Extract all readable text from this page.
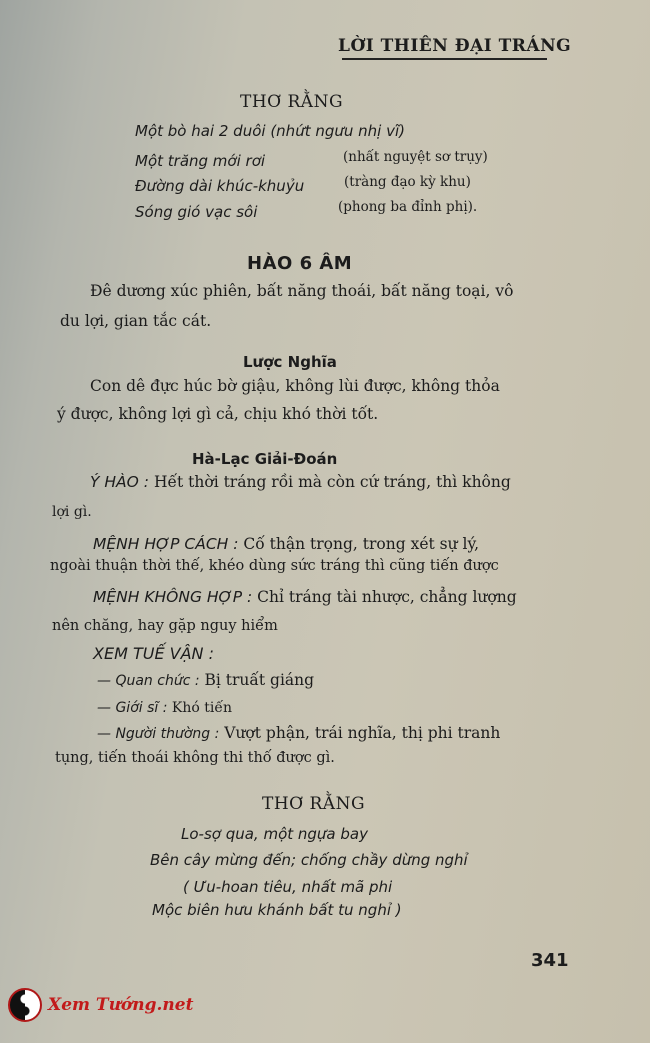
LỜI THIÊN ĐẠI TRÁNG
THƠ RẰNG
Một bò hai 2 duôi (nhứt ngưu nhị vĩ)
Một trăng mới rơi	(nhất nguyệt sơ trụy)
Đường dài khúc-khuỷu	(tràng đạo kỳ khu)
Sóng gió vạc sôi	(phong ba đỉnh phị).
HÀO 6 ÂM
Đê dương xúc phiên, bất năng thoái, bất năng toại, vô
du lợi, gian tắc cát.
Lược Nghĩa
Con dê đực húc bờ giậu, không lùi được, không thỏa
ý được, không lợi gì cả, chịu khó thời tốt.
Hà-Lạc Giải-Đoán
Ý HÀO : Hết thời tráng rồi mà còn cứ tráng, thì không
lợi gì.
MỆNH HỢP CÁCH : Cố thận trọng, trong xét sự lý,
ngoài thuận thời thế, khéo dùng sức tráng thì cũng tiến được
MỆNH KHÔNG HỢP : Chỉ tráng tài nhược, chẳng lượng
nên chăng, hay gặp nguy hiểm
XEM TUẾ VẬN :
— Quan chức : Bị truất giáng
— Giới sĩ : Khó tiến
— Người thường : Vượt phận, trái nghĩa, thị phi tranh
tụng, tiến thoái không thi thố được gì.
THƠ RẰNG
Lo-sợ qua, một ngựa bay
Bên cây mừng đến; chống chầy dừng nghỉ
( Ưu-hoan tiêu, nhất mã phi
Mộc biên hưu khánh bất tu nghỉ )
341
Xem Tướng.net
